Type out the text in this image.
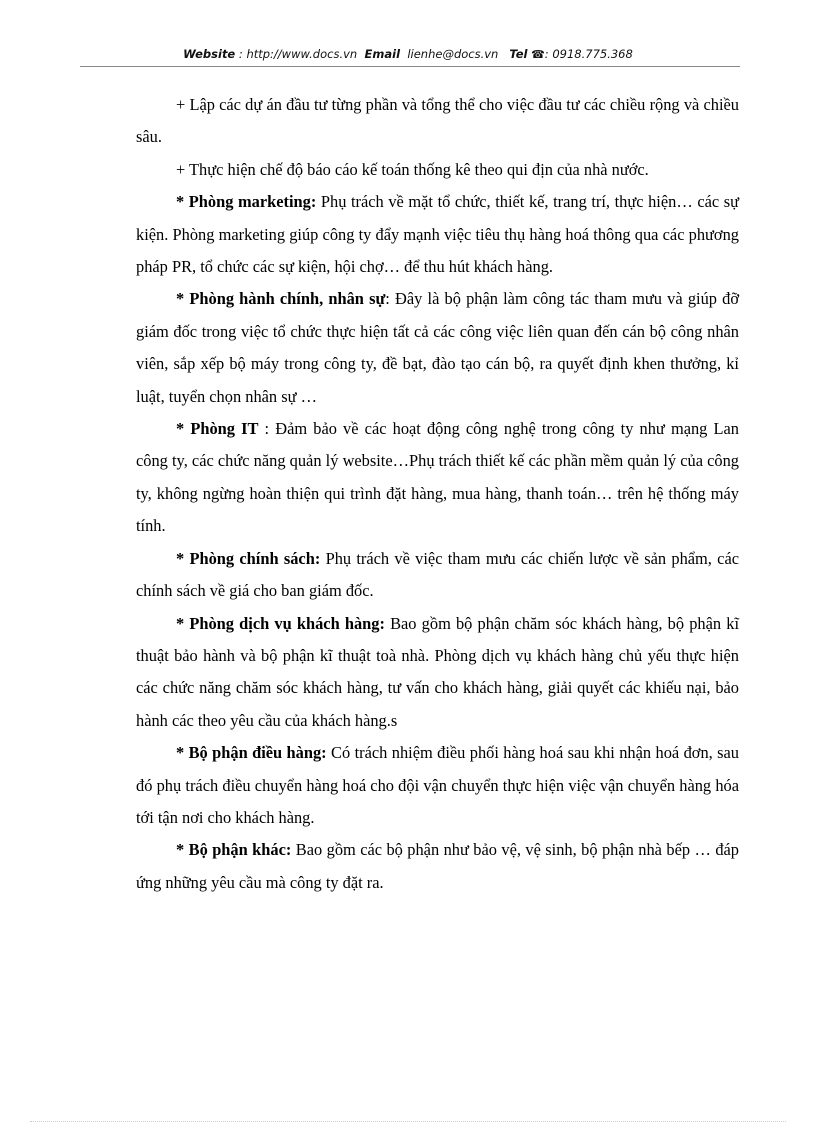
Website : http://www.docs.vn Email lienhe@docs.vn Tel ☎: 0918.775.368

+ Lập các dự án đầu tư từng phần và tổng thể cho việc đầu tư các chiều rộng và chiều sâu.

+ Thực hiện chế độ báo cáo kế toán thống kê theo qui địn của nhà nước.

* Phòng marketing: Phụ trách về mặt tổ chức, thiết kế, trang trí, thực hiện… các sự kiện. Phòng marketing giúp công ty đẩy mạnh việc tiêu thụ hàng hoá thông qua các phương pháp PR, tổ chức các sự kiện, hội chợ… để thu hút khách hàng.

* Phòng hành chính, nhân sự: Đây là bộ phận làm công tác tham mưu và giúp đỡ giám đốc trong việc tổ chức thực hiện tất cả các công việc liên quan đến cán bộ công nhân viên, sắp xếp bộ máy trong công ty, đề bạt, đào tạo cán bộ, ra quyết định khen thưởng, kỉ luật, tuyển chọn nhân sự …

* Phòng IT : Đảm bảo về các hoạt động công nghệ trong công ty như mạng Lan công ty, các chức năng quản lý website…Phụ trách thiết kế các phần mềm quản lý của công ty, không ngừng hoàn thiện qui trình đặt hàng, mua hàng, thanh toán… trên hệ thống máy tính.

* Phòng chính sách: Phụ trách về việc tham mưu các chiến lược về sản phẩm, các chính sách về giá cho ban giám đốc.

* Phòng dịch vụ khách hàng: Bao gồm bộ phận chăm sóc khách hàng, bộ phận kĩ thuật bảo hành và bộ phận kĩ thuật toà nhà. Phòng dịch vụ khách hàng chủ yếu thực hiện các chức năng chăm sóc khách hàng, tư vấn cho khách hàng, giải quyết các khiếu nại, bảo hành các theo yêu cầu của khách hàng.s

* Bộ phận điều hàng: Có trách nhiệm điều phối hàng hoá sau khi nhận hoá đơn, sau đó phụ trách điều chuyển hàng hoá cho đội vận chuyển thực hiện việc vận chuyển hàng hóa tới tận nơi cho khách hàng.

* Bộ phận khác: Bao gồm các bộ phận như bảo vệ, vệ sinh, bộ phận nhà bếp … đáp ứng những yêu cầu mà công ty đặt ra.
